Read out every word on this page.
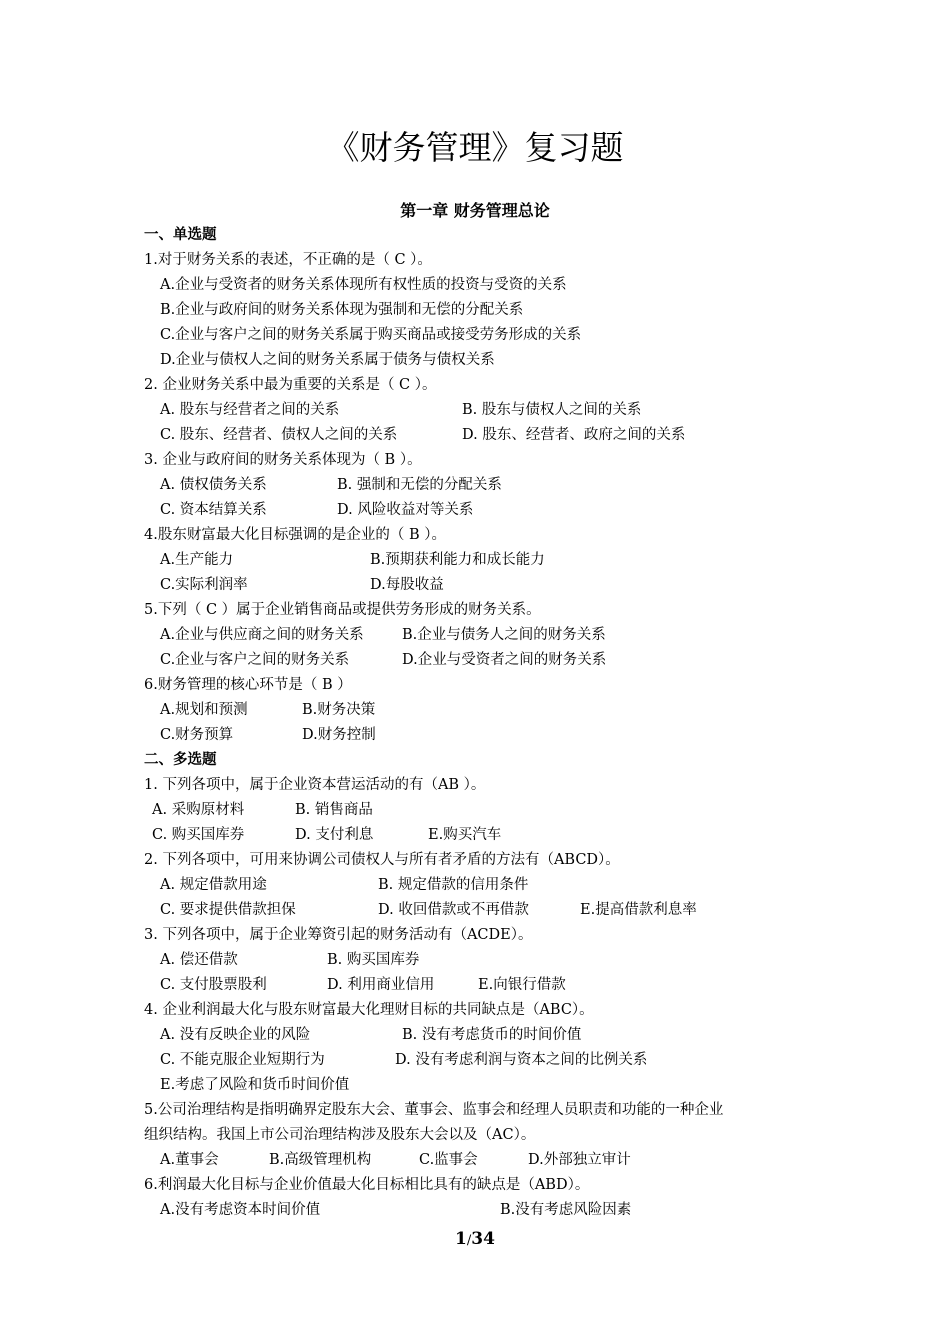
《财务管理》复习题
第一章 财务管理总论
一、单选题
1.对于财务关系的表述，不正确的是（ C ）。
A.企业与受资者的财务关系体现所有权性质的投资与受资的关系
B.企业与政府间的财务关系体现为强制和无偿的分配关系
C.企业与客户之间的财务关系属于购买商品或接受劳务形成的关系
D.企业与债权人之间的财务关系属于债务与债权关系
2. 企业财务关系中最为重要的关系是（ C ）。
A. 股东与经营者之间的关系	B. 股东与债权人之间的关系
C. 股东、经营者、债权人之间的关系	D. 股东、经营者、政府之间的关系
3. 企业与政府间的财务关系体现为（ B ）。
A. 债权债务关系	B. 强制和无偿的分配关系
C. 资本结算关系	D. 风险收益对等关系
4.股东财富最大化目标强调的是企业的（ B ）。
A.生产能力	B.预期获利能力和成长能力
C.实际利润率	D.每股收益
5.下列（ C ）属于企业销售商品或提供劳务形成的财务关系。
A.企业与供应商之间的财务关系	B.企业与债务人之间的财务关系
C.企业与客户之间的财务关系	D.企业与受资者之间的财务关系
6.财务管理的核心环节是（ B ）
A.规划和预测	B.财务决策
C.财务预算	D.财务控制
二、多选题
1. 下列各项中，属于企业资本营运活动的有（AB ）。
A. 采购原材料	B. 销售商品
C. 购买国库券	D. 支付利息	E.购买汽车
2. 下列各项中，可用来协调公司债权人与所有者矛盾的方法有（ABCD）。
A. 规定借款用途	B. 规定借款的信用条件
C. 要求提供借款担保	D. 收回借款或不再借款	E.提高借款利息率
3. 下列各项中，属于企业筹资引起的财务活动有（ACDE）。
A. 偿还借款	B. 购买国库券
C. 支付股票股利	D. 利用商业信用	E.向银行借款
4. 企业利润最大化与股东财富最大化理财目标的共同缺点是（ABC）。
A. 没有反映企业的风险	B. 没有考虑货币的时间价值
C. 不能克服企业短期行为	D. 没有考虑利润与资本之间的比例关系
E.考虑了风险和货币时间价值
5.公司治理结构是指明确界定股东大会、董事会、监事会和经理人员职责和功能的一种企业
组织结构。我国上市公司治理结构涉及股东大会以及（AC）。
A.董事会	B.高级管理机构	C.监事会	D.外部独立审计
6.利润最大化目标与企业价值最大化目标相比具有的缺点是（ABD）。
A.没有考虑资本时间价值	B.没有考虑风险因素
1/34
